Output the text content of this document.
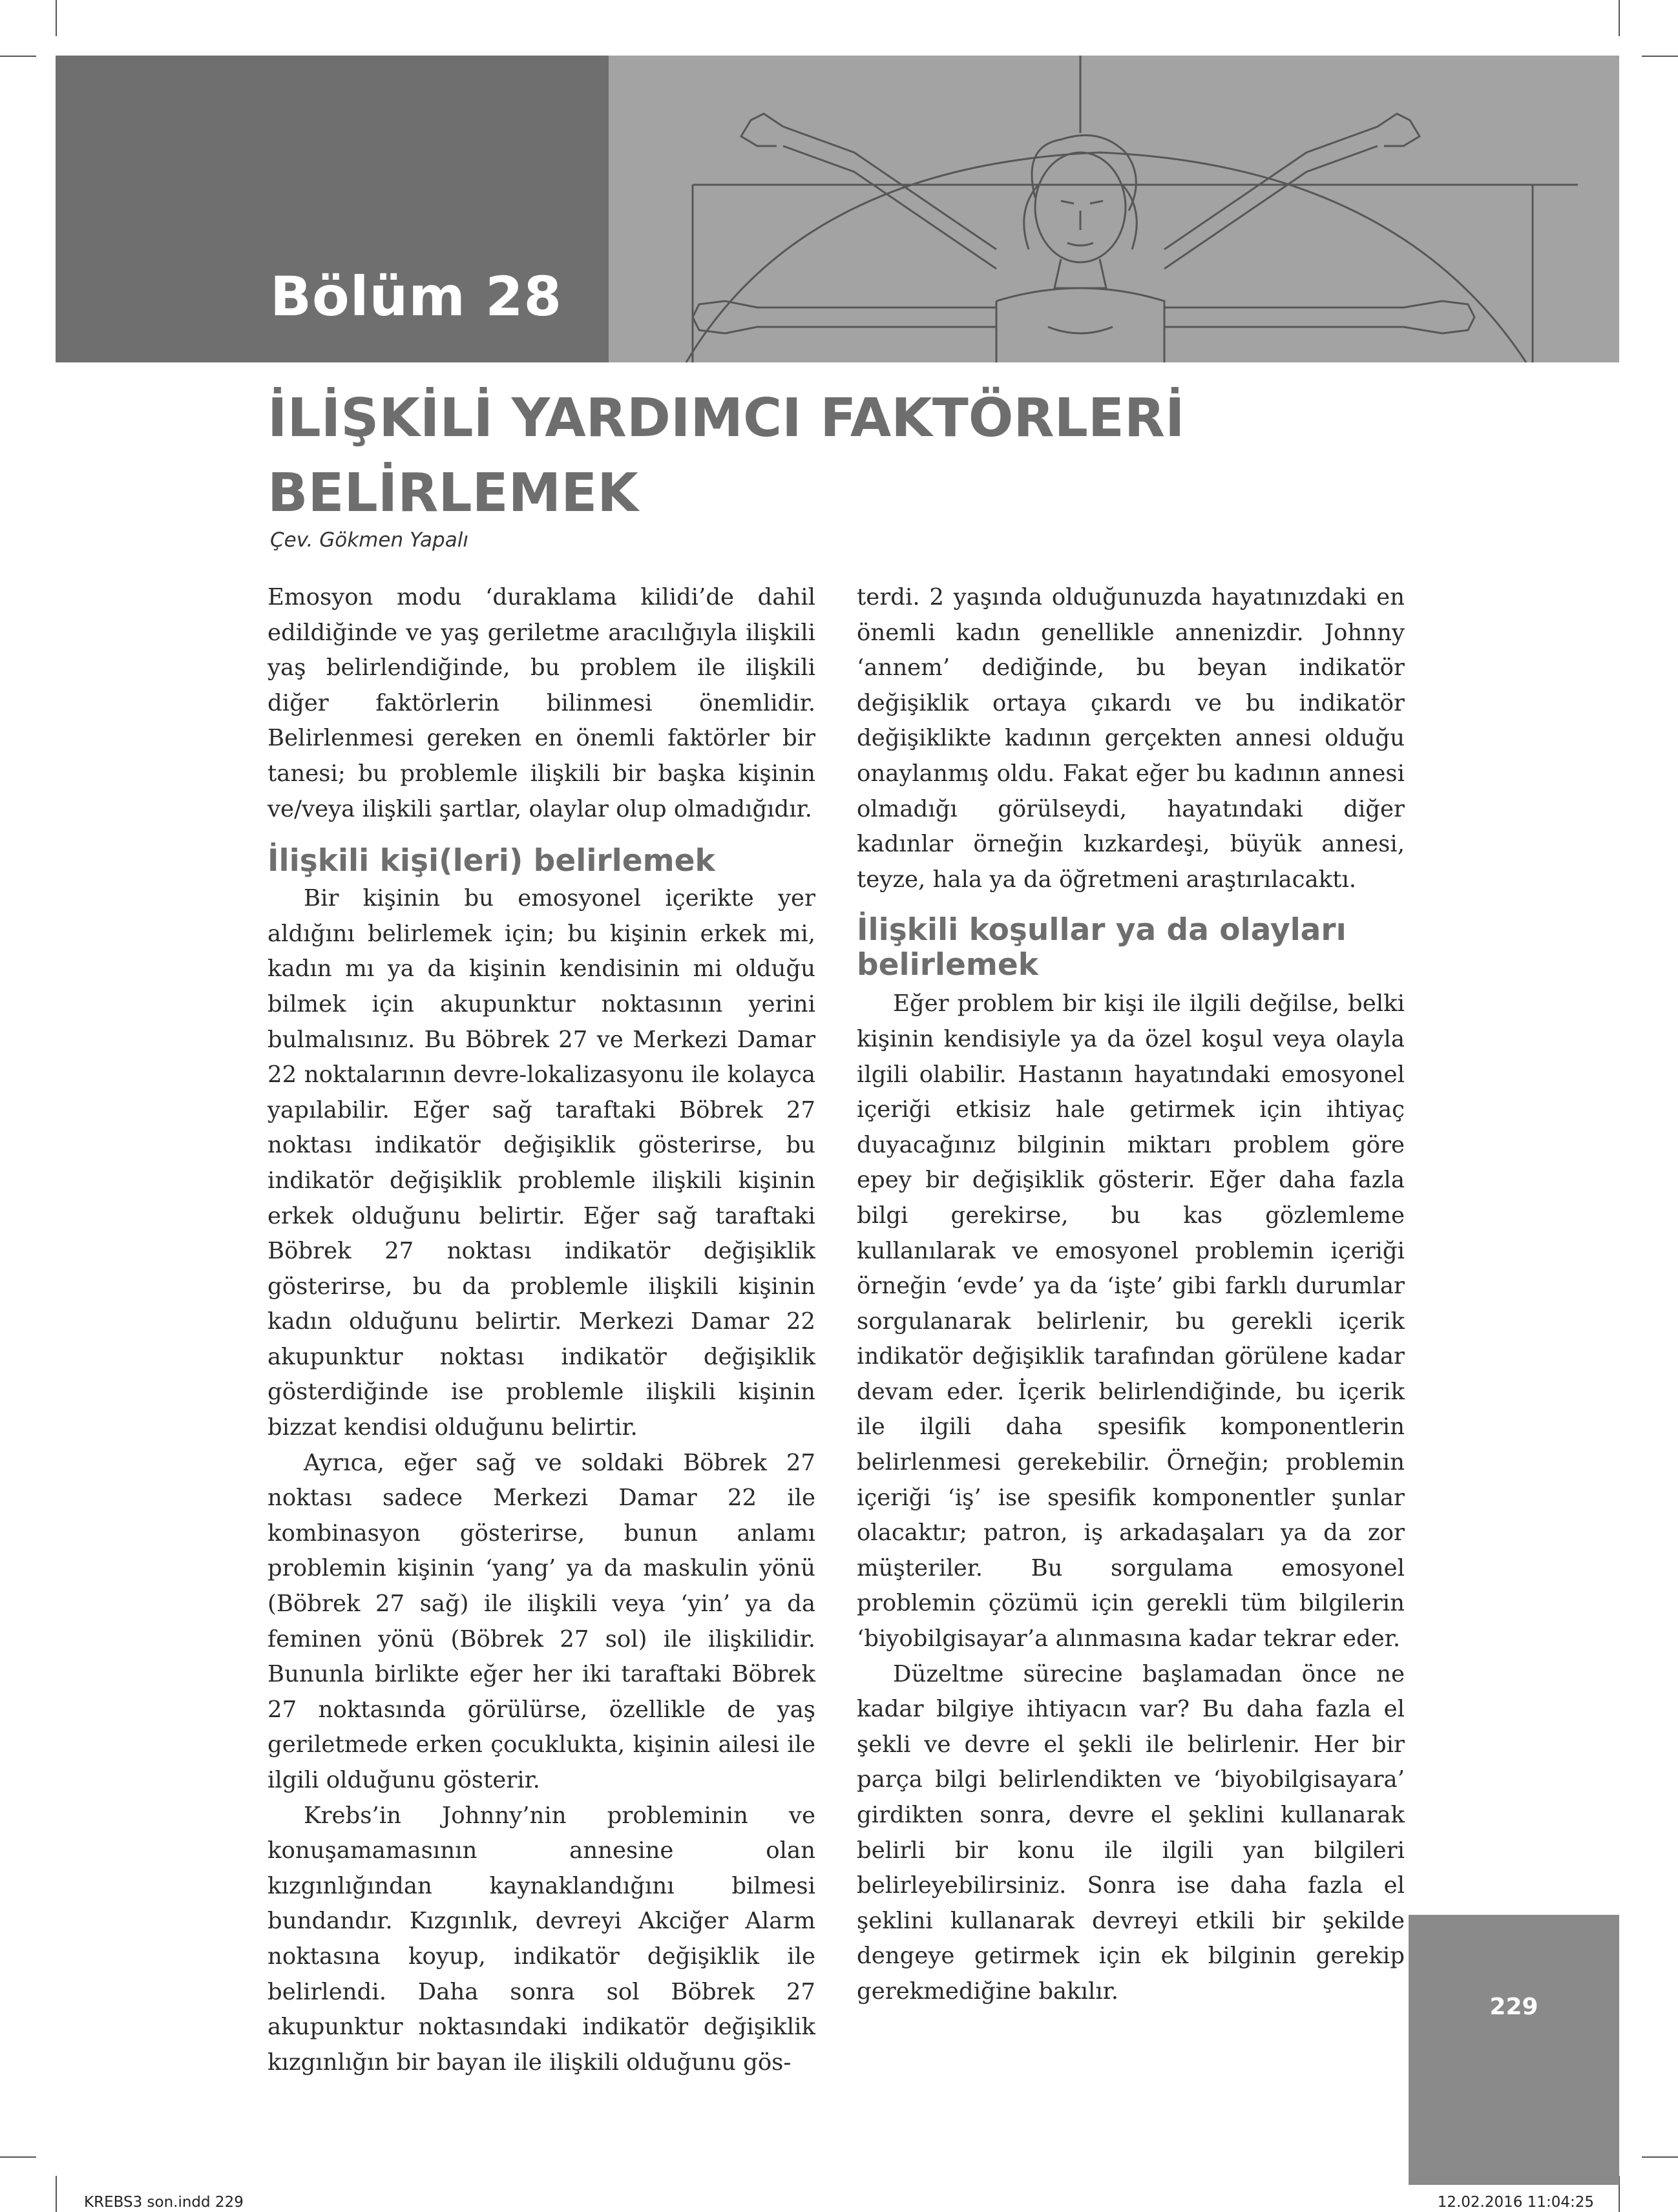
Bölüm 28
İLİŞKİLİ YARDIMCI FAKTÖRLERİ
BELİRLEMEK
Çev. Gökmen Yapalı

Emosyon modu ‘duraklama kilidi’de dahil edildiğinde ve yaş geriletme aracılığıyla ilişkili yaş belirlendiğinde, bu problem ile ilişkili diğer faktörlerin bilinmesi önemlidir. Belirlenmesi gereken en önemli faktörler bir tanesi; bu problemle ilişkili bir başka kişinin ve/veya ilişkili şartlar, olaylar olup olmadığıdır.

İlişkili kişi(leri) belirlemek

Bir kişinin bu emosyonel içerikte yer aldığını belirlemek için; bu kişinin erkek mi, kadın mı ya da kişinin kendisinin mi olduğu bilmek için akupunktur noktasının yerini bulmalısınız. Bu Böbrek 27 ve Merkezi Damar 22 noktalarının devre-lokalizasyonu ile kolayca yapılabilir. Eğer sağ taraftaki Böbrek 27 noktası indikatör değişiklik gösterirse, bu indikatör değişiklik problemle ilişkili kişinin erkek olduğunu belirtir. Eğer sağ taraftaki Böbrek 27 noktası indikatör değişiklik gösterirse, bu da problemle ilişkili kişinin kadın olduğunu belirtir. Merkezi Damar 22 akupunktur noktası indikatör değişiklik gösterdiğinde ise problemle ilişkili kişinin bizzat kendisi olduğunu belirtir.

Ayrıca, eğer sağ ve soldaki Böbrek 27 noktası sadece Merkezi Damar 22 ile kombinasyon gösterirse, bunun anlamı problemin kişinin ‘yang’ ya da maskulin yönü (Böbrek 27 sağ) ile ilişkili veya ‘yin’ ya da feminen yönü (Böbrek 27 sol) ile ilişkilidir. Bununla birlikte eğer her iki taraftaki Böbrek 27 noktasında görülürse, özellikle de yaş geriletmede erken çocuklukta, kişinin ailesi ile ilgili olduğunu gösterir.

Krebs’in Johnny’nin probleminin ve konuşamamasının annesine olan kızgınlığından kaynaklandığını bilmesi bundandır. Kızgınlık, devreyi Akciğer Alarm noktasına koyup, indikatör değişiklik ile belirlendi. Daha sonra sol Böbrek 27 akupunktur noktasındaki indikatör değişiklik kızgınlığın bir bayan ile ilişkili olduğunu gös-

terdi. 2 yaşında olduğunuzda hayatınızdaki en önemli kadın genellikle annenizdir. Johnny ‘annem’ dediğinde, bu beyan indikatör değişiklik ortaya çıkardı ve bu indikatör değişiklikte kadının gerçekten annesi olduğu onaylanmış oldu. Fakat eğer bu kadının annesi olmadığı görülseydi, hayatındaki diğer kadınlar örneğin kızkardeşi, büyük annesi, teyze, hala ya da öğretmeni araştırılacaktı.

İlişkili koşullar ya da olayları belirlemek

Eğer problem bir kişi ile ilgili değilse, belki kişinin kendisiyle ya da özel koşul veya olayla ilgili olabilir. Hastanın hayatındaki emosyonel içeriği etkisiz hale getirmek için ihtiyaç duyacağınız bilginin miktarı problem göre epey bir değişiklik gösterir. Eğer daha fazla bilgi gerekirse, bu kas gözlemleme kullanılarak ve emosyonel problemin içeriği örneğin ‘evde’ ya da ‘işte’ gibi farklı durumlar sorgulanarak belirlenir, bu gerekli içerik indikatör değişiklik tarafından görülene kadar devam eder. İçerik belirlendiğinde, bu içerik ile ilgili daha spesifik komponentlerin belirlenmesi gerekebilir. Örneğin; problemin içeriği ‘iş’ ise spesifik komponentler şunlar olacaktır; patron, iş arkadaşaları ya da zor müşteriler. Bu sorgulama emosyonel problemin çözümü için gerekli tüm bilgilerin ‘biyobilgisayar’a alınmasına kadar tekrar eder.

Düzeltme sürecine başlamadan önce ne kadar bilgiye ihtiyacın var? Bu daha fazla el şekli ve devre el şekli ile belirlenir. Her bir parça bilgi belirlendikten ve ‘biyobilgisayara’ girdikten sonra, devre el şeklini kullanarak belirli bir konu ile ilgili yan bilgileri belirleyebilirsiniz. Sonra ise daha fazla el şeklini kullanarak devreyi etkili bir şekilde dengeye getirmek için ek bilginin gerekip gerekmediğine bakılır.

229
KREBS3 son.indd 229	12.02.2016 11:04:25
